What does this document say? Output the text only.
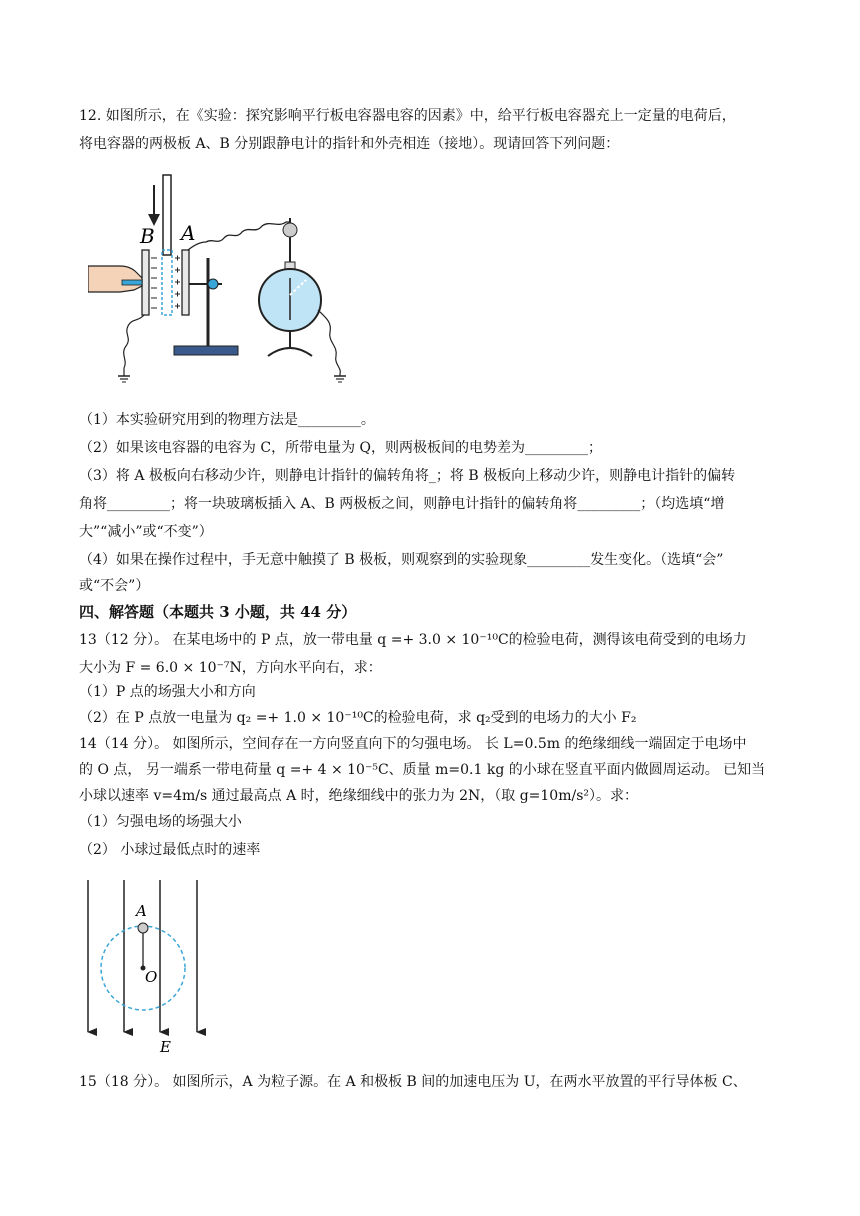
12. 如图所示，在《实验：探究影响平行板电容器电容的因素》中，给平行板电容器充上一定量的电荷后，
将电容器的两极板 A、B 分别跟静电计的指针和外壳相连（接地）。现请回答下列问题：
B A
（1）本实验研究用到的物理方法是_________。
（2）如果该电容器的电容为 C，所带电量为 Q，则两极板间的电势差为_________；
（3）将 A 极板向右移动少许，则静电计指针的偏转角将_；将 B 极板向上移动少许，则静电计指针的偏转
角将_________；将一块玻璃板插入 A、B 两极板之间，则静电计指针的偏转角将_________；（均选填“增
大”“减小”或“不变”）
（4）如果在操作过程中，手无意中触摸了 B 极板，则观察到的实验现象_________发生变化。（选填“会”
或“不会”）
四、解答题（本题共 3 小题，共 44 分）
13（12 分）。 在某电场中的 P 点，放一带电量 q =+ 3.0 × 10⁻¹⁰C的检验电荷，测得该电荷受到的电场力
大小为 F = 6.0 × 10⁻⁷N，方向水平向右，求：
（1）P 点的场强大小和方向
（2）在 P 点放一电量为 q₂ =+ 1.0 × 10⁻¹⁰C的检验电荷，求 q₂受到的电场力的大小 F₂
14（14 分）。 如图所示，空间存在一方向竖直向下的匀强电场。 长 L=0.5m 的绝缘细线一端固定于电场中
的 O 点， 另一端系一带电荷量 q =+ 4 × 10⁻⁵C、质量 m=0.1 kg 的小球在竖直平面内做圆周运动。 已知当
小球以速率 v=4m/s 通过最高点 A 时，绝缘细线中的张力为 2N，（取 g=10m/s²）。求：
（1）匀强电场的场强大小
（2） 小球过最低点时的速率
A
O
E
15（18 分）。 如图所示，A 为粒子源。在 A 和极板 B 间的加速电压为 U，在两水平放置的平行导体板 C、
